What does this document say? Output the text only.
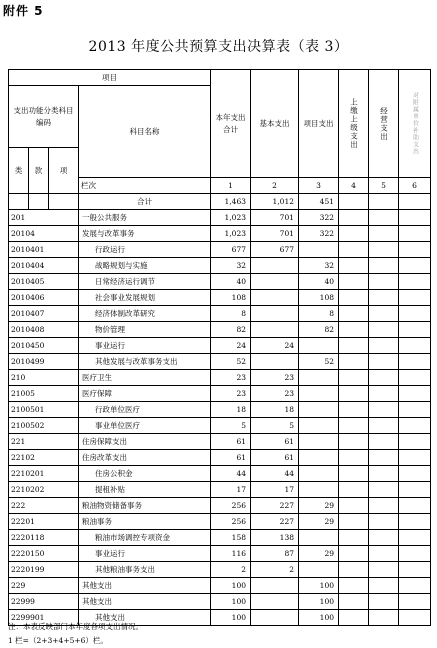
附件 5
2013 年度公共预算支出决算表（表 3）
项目				本年支出合计	基本支出	项目支出	上缴上级支出	经营支出	对附属单位补助支出

支出功能分类科目编码			科目名称						
类	款	项							
			栏次	1	2	3	4	5	6
			合计	1,463	1,012	451			
201			一般公共服务	1,023	701	322			
20104			发展与改革事务	1,023	701	322			
2010401			行政运行	677	677				
2010404			战略规划与实施	32		32			
2010405			日常经济运行调节	40		40			
2010406			社会事业发展规划	108		108			
2010407			经济体制改革研究	8		8			
2010408			物价管理	82		82			
2010450			事业运行	24	24				
2010499			其他发展与改革事务支出	52		52			
210			医疗卫生	23	23				
21005			医疗保障	23	23				
2100501			行政单位医疗	18	18				
2100502			事业单位医疗	5	5				
221			住房保障支出	61	61				
22102			住房改革支出	61	61				
2210201			住房公积金	44	44				
2210202			提租补贴	17	17				
222			粮油物资储备事务	256	227	29			
22201			粮油事务	256	227	29			
2220118			粮油市场调控专项资金	158	138				
2220150			事业运行	116	87	29			
2220199			其他粮油事务支出	2	2				
229			其他支出	100		100			
22999			其他支出	100		100			
2299901			其他支出	100		100			
注：本表反映部门本年度各项支出情况。
1 栏=（2+3+4+5+6）栏。
